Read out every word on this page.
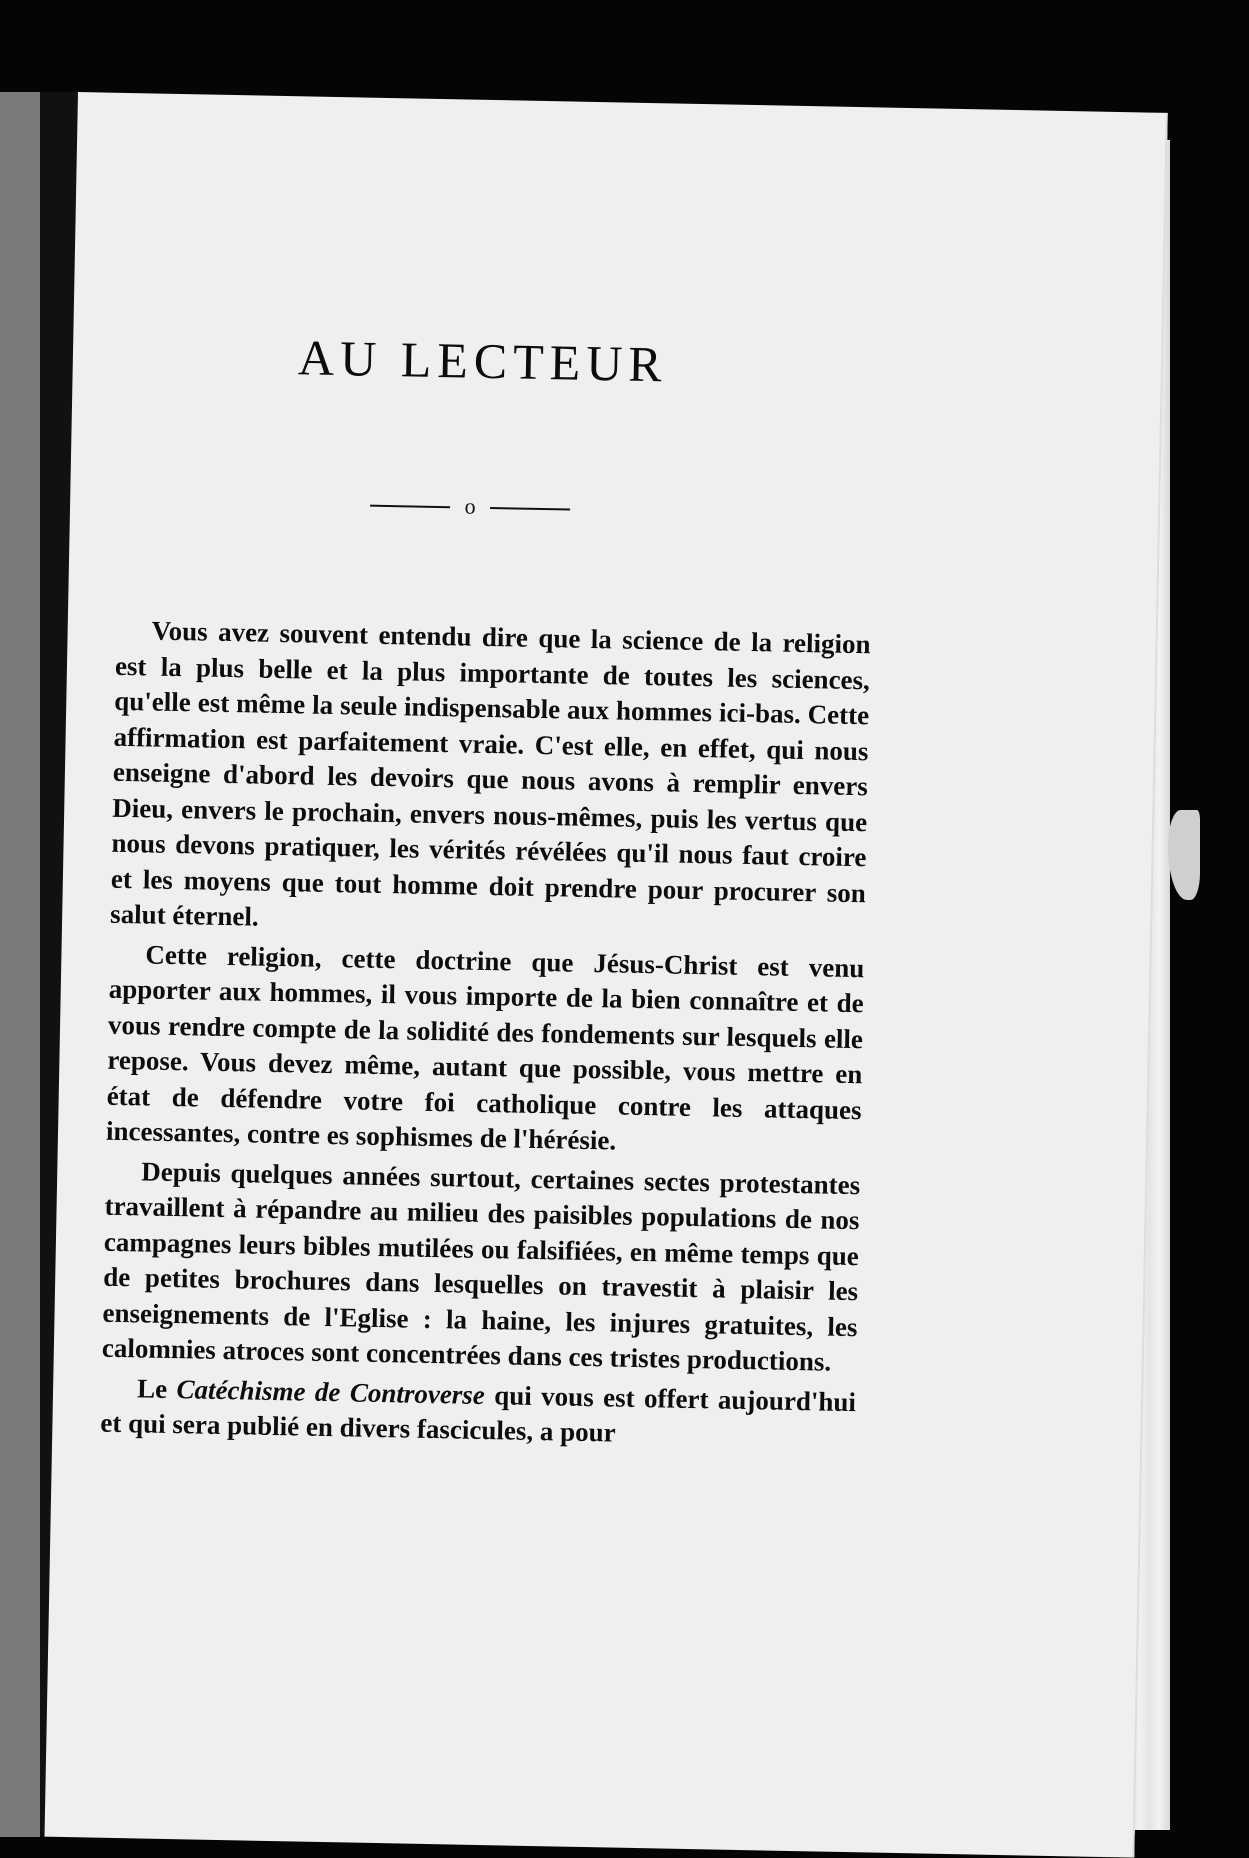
AU LECTEUR
o

Vous avez souvent entendu dire que la science de la religion est la plus belle et la plus importante de toutes les sciences, qu'elle est même la seule indispensable aux hommes ici-bas. Cette affirmation est parfaitement vraie. C'est elle, en effet, qui nous enseigne d'abord les devoirs que nous avons à remplir envers Dieu, envers le prochain, envers nous-mêmes, puis les vertus que nous devons pratiquer, les vérités révélées qu'il nous faut croire et les moyens que tout homme doit prendre pour procurer son salut éternel.

Cette religion, cette doctrine que Jésus-Christ est venu apporter aux hommes, il vous importe de la bien connaître et de vous rendre compte de la solidité des fondements sur lesquels elle repose. Vous devez même, autant que possible, vous mettre en état de défendre votre foi catholique contre les attaques incessantes, contre es sophismes de l'hérésie.

Depuis quelques années surtout, certaines sectes protestantes travaillent à répandre au milieu des paisibles populations de nos campagnes leurs bibles mutilées ou falsifiées, en même temps que de petites brochures dans lesquelles on travestit à plaisir les enseignements de l'Eglise : la haine, les injures gratuites, les calomnies atroces sont concentrées dans ces tristes productions.

Le Catéchisme de Controverse qui vous est offert aujourd'hui et qui sera publié en divers fascicules, a pour
